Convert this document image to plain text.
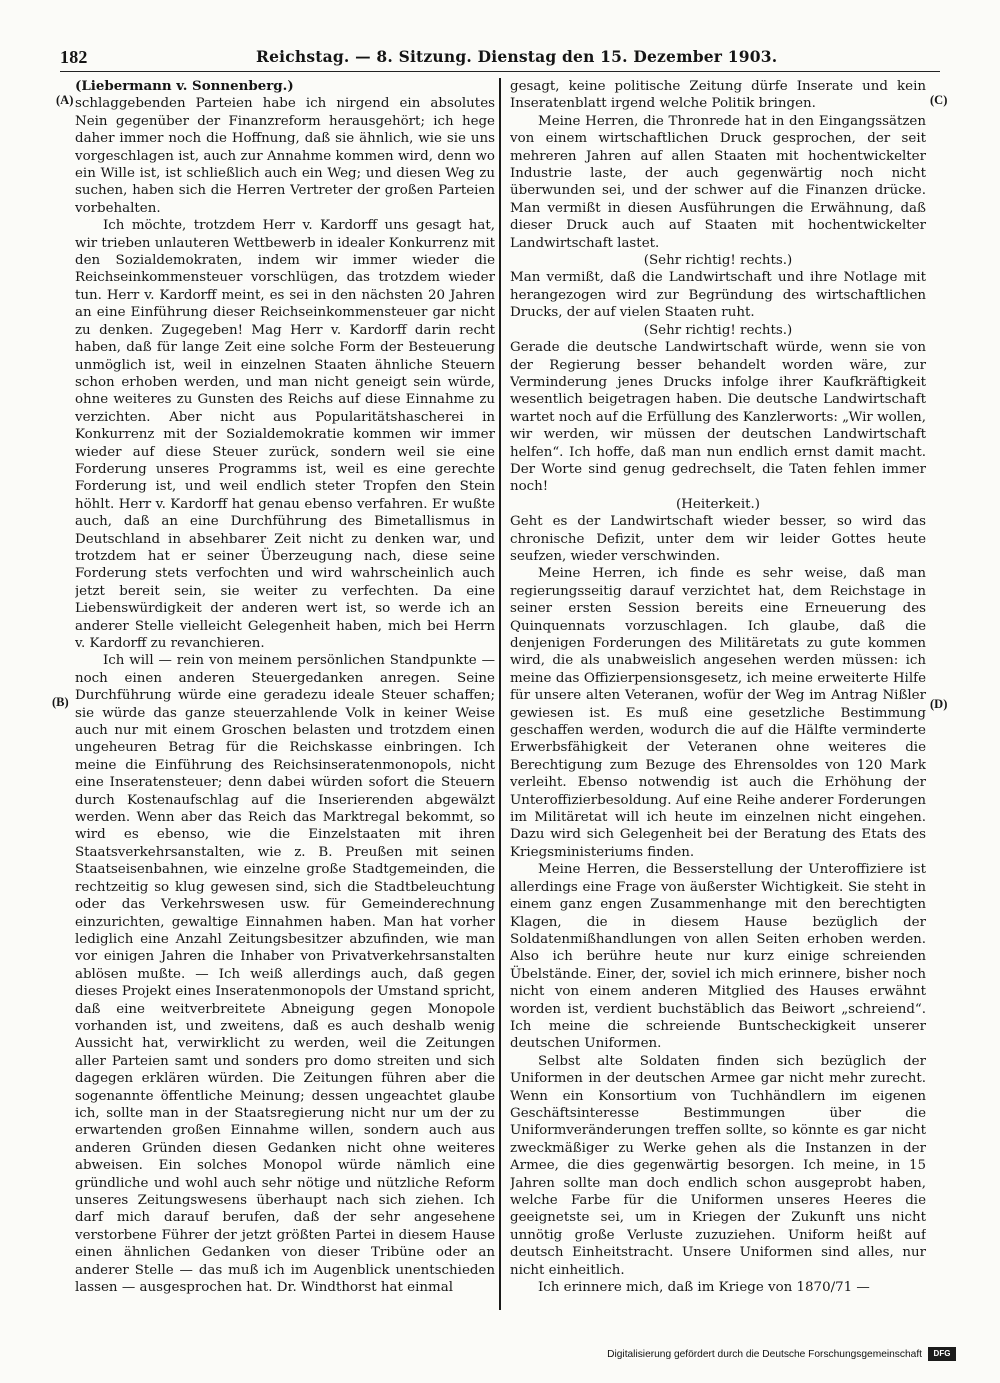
182	Reichstag. — 8. Sitzung. Dienstag den 15. Dezember 1903.
(A)
(B)
(C)
(D)

(Liebermann v. Sonnenberg.)

schlaggebenden Parteien habe ich nirgend ein absolutes Nein gegenüber der Finanzreform herausgehört; ich hege daher immer noch die Hoffnung, daß sie ähnlich, wie sie uns vorgeschlagen ist, auch zur Annahme kommen wird, denn wo ein Wille ist, ist schließlich auch ein Weg; und diesen Weg zu suchen, haben sich die Herren Vertreter der großen Parteien vorbehalten.

Ich möchte, trotzdem Herr v. Kardorff uns gesagt hat, wir trieben unlauteren Wettbewerb in idealer Konkurrenz mit den Sozialdemokraten, indem wir immer wieder die Reichseinkommensteuer vorschlügen, das trotzdem wieder tun. Herr v. Kardorff meint, es sei in den nächsten 20 Jahren an eine Einführung dieser Reichseinkommensteuer gar nicht zu denken. Zugegeben! Mag Herr v. Kardorff darin recht haben, daß für lange Zeit eine solche Form der Besteuerung unmöglich ist, weil in einzelnen Staaten ähnliche Steuern schon erhoben werden, und man nicht geneigt sein würde, ohne weiteres zu Gunsten des Reichs auf diese Einnahme zu verzichten. Aber nicht aus Popularitätshascherei in Konkurrenz mit der Sozialdemokratie kommen wir immer wieder auf diese Steuer zurück, sondern weil sie eine Forderung unseres Programms ist, weil es eine gerechte Forderung ist, und weil endlich steter Tropfen den Stein höhlt. Herr v. Kardorff hat genau ebenso verfahren. Er wußte auch, daß an eine Durchführung des Bimetallismus in Deutschland in absehbarer Zeit nicht zu denken war, und trotzdem hat er seiner Überzeugung nach, diese seine Forderung stets verfochten und wird wahrscheinlich auch jetzt bereit sein, sie weiter zu verfechten. Da eine Liebenswürdigkeit der anderen wert ist, so werde ich an anderer Stelle vielleicht Gelegenheit haben, mich bei Herrn v. Kardorff zu revanchieren.

Ich will — rein von meinem persönlichen Standpunkte — noch einen anderen Steuergedanken anregen. Seine Durchführung würde eine geradezu ideale Steuer schaffen; sie würde das ganze steuerzahlende Volk in keiner Weise auch nur mit einem Groschen belasten und trotzdem einen ungeheuren Betrag für die Reichskasse einbringen. Ich meine die Einführung des Reichsinseratenmonopols, nicht eine Inseratensteuer; denn dabei würden sofort die Steuern durch Kostenaufschlag auf die Inserierenden abgewälzt werden. Wenn aber das Reich das Marktregal bekommt, so wird es ebenso, wie die Einzelstaaten mit ihren Staatsverkehrsanstalten, wie z. B. Preußen mit seinen Staatseisenbahnen, wie einzelne große Stadtgemeinden, die rechtzeitig so klug gewesen sind, sich die Stadtbeleuchtung oder das Verkehrswesen usw. für Gemeinderechnung einzurichten, gewaltige Einnahmen haben. Man hat vorher lediglich eine Anzahl Zeitungsbesitzer abzufinden, wie man vor einigen Jahren die Inhaber von Privatverkehrsanstalten ablösen mußte. — Ich weiß allerdings auch, daß gegen dieses Projekt eines Inseratenmonopols der Umstand spricht, daß eine weitverbreitete Abneigung gegen Monopole vorhanden ist, und zweitens, daß es auch deshalb wenig Aussicht hat, verwirklicht zu werden, weil die Zeitungen aller Parteien samt und sonders pro domo streiten und sich dagegen erklären würden. Die Zeitungen führen aber die sogenannte öffentliche Meinung; dessen ungeachtet glaube ich, sollte man in der Staatsregierung nicht nur um der zu erwartenden großen Einnahme willen, sondern auch aus anderen Gründen diesen Gedanken nicht ohne weiteres abweisen. Ein solches Monopol würde nämlich eine gründliche und wohl auch sehr nötige und nützliche Reform unseres Zeitungswesens überhaupt nach sich ziehen. Ich darf mich darauf berufen, daß der sehr angesehene verstorbene Führer der jetzt größten Partei in diesem Hause einen ähnlichen Gedanken von dieser Tribüne oder an anderer Stelle — das muß ich im Augenblick unentschieden lassen — ausgesprochen hat. Dr. Windthorst hat einmal

gesagt, keine politische Zeitung dürfe Inserate und kein Inseratenblatt irgend welche Politik bringen.

Meine Herren, die Thronrede hat in den Eingangssätzen von einem wirtschaftlichen Druck gesprochen, der seit mehreren Jahren auf allen Staaten mit hochentwickelter Industrie laste, der auch gegenwärtig noch nicht überwunden sei, und der schwer auf die Finanzen drücke. Man vermißt in diesen Ausführungen die Erwähnung, daß dieser Druck auch auf Staaten mit hochentwickelter Landwirtschaft lastet.

(Sehr richtig! rechts.)

Man vermißt, daß die Landwirtschaft und ihre Notlage mit herangezogen wird zur Begründung des wirtschaftlichen Drucks, der auf vielen Staaten ruht.

(Sehr richtig! rechts.)

Gerade die deutsche Landwirtschaft würde, wenn sie von der Regierung besser behandelt worden wäre, zur Verminderung jenes Drucks infolge ihrer Kaufkräftigkeit wesentlich beigetragen haben. Die deutsche Landwirtschaft wartet noch auf die Erfüllung des Kanzlerworts: „Wir wollen, wir werden, wir müssen der deutschen Landwirtschaft helfen“. Ich hoffe, daß man nun endlich ernst damit macht. Der Worte sind genug gedrechselt, die Taten fehlen immer noch!

(Heiterkeit.)

Geht es der Landwirtschaft wieder besser, so wird das chronische Defizit, unter dem wir leider Gottes heute seufzen, wieder verschwinden.

Meine Herren, ich finde es sehr weise, daß man regierungsseitig darauf verzichtet hat, dem Reichstage in seiner ersten Session bereits eine Erneuerung des Quinquennats vorzuschlagen. Ich glaube, daß die denjenigen Forderungen des Militäretats zu gute kommen wird, die als unabweislich angesehen werden müssen: ich meine das Offizierpensionsgesetz, ich meine erweiterte Hilfe für unsere alten Veteranen, wofür der Weg im Antrag Nißler gewiesen ist. Es muß eine gesetzliche Bestimmung geschaffen werden, wodurch die auf die Hälfte verminderte Erwerbsfähigkeit der Veteranen ohne weiteres die Berechtigung zum Bezuge des Ehrensoldes von 120 Mark verleiht. Ebenso notwendig ist auch die Erhöhung der Unteroffizierbesoldung. Auf eine Reihe anderer Forderungen im Militäretat will ich heute im einzelnen nicht eingehen. Dazu wird sich Gelegenheit bei der Beratung des Etats des Kriegsministeriums finden.

Meine Herren, die Besserstellung der Unteroffiziere ist allerdings eine Frage von äußerster Wichtigkeit. Sie steht in einem ganz engen Zusammenhange mit den berechtigten Klagen, die in diesem Hause bezüglich der Soldatenmißhandlungen von allen Seiten erhoben werden. Also ich berühre heute nur kurz einige schreienden Übelstände. Einer, der, soviel ich mich erinnere, bisher noch nicht von einem anderen Mitglied des Hauses erwähnt worden ist, verdient buchstäblich das Beiwort „schreiend“. Ich meine die schreiende Buntscheckigkeit unserer deutschen Uniformen.

Selbst alte Soldaten finden sich bezüglich der Uniformen in der deutschen Armee gar nicht mehr zurecht. Wenn ein Konsortium von Tuchhändlern im eigenen Geschäftsinteresse Bestimmungen über die Uniformveränderungen treffen sollte, so könnte es gar nicht zweckmäßiger zu Werke gehen als die Instanzen in der Armee, die dies gegenwärtig besorgen. Ich meine, in 15 Jahren sollte man doch endlich schon ausgeprobt haben, welche Farbe für die Uniformen unseres Heeres die geeignetste sei, um in Kriegen der Zukunft uns nicht unnötig große Verluste zuzuziehen. Uniform heißt auf deutsch Einheitstracht. Unsere Uniformen sind alles, nur nicht einheitlich.

Ich erinnere mich, daß im Kriege von 1870/71 —

Digitalisierung gefördert durch die Deutsche Forschungsgemeinschaft	DFG
